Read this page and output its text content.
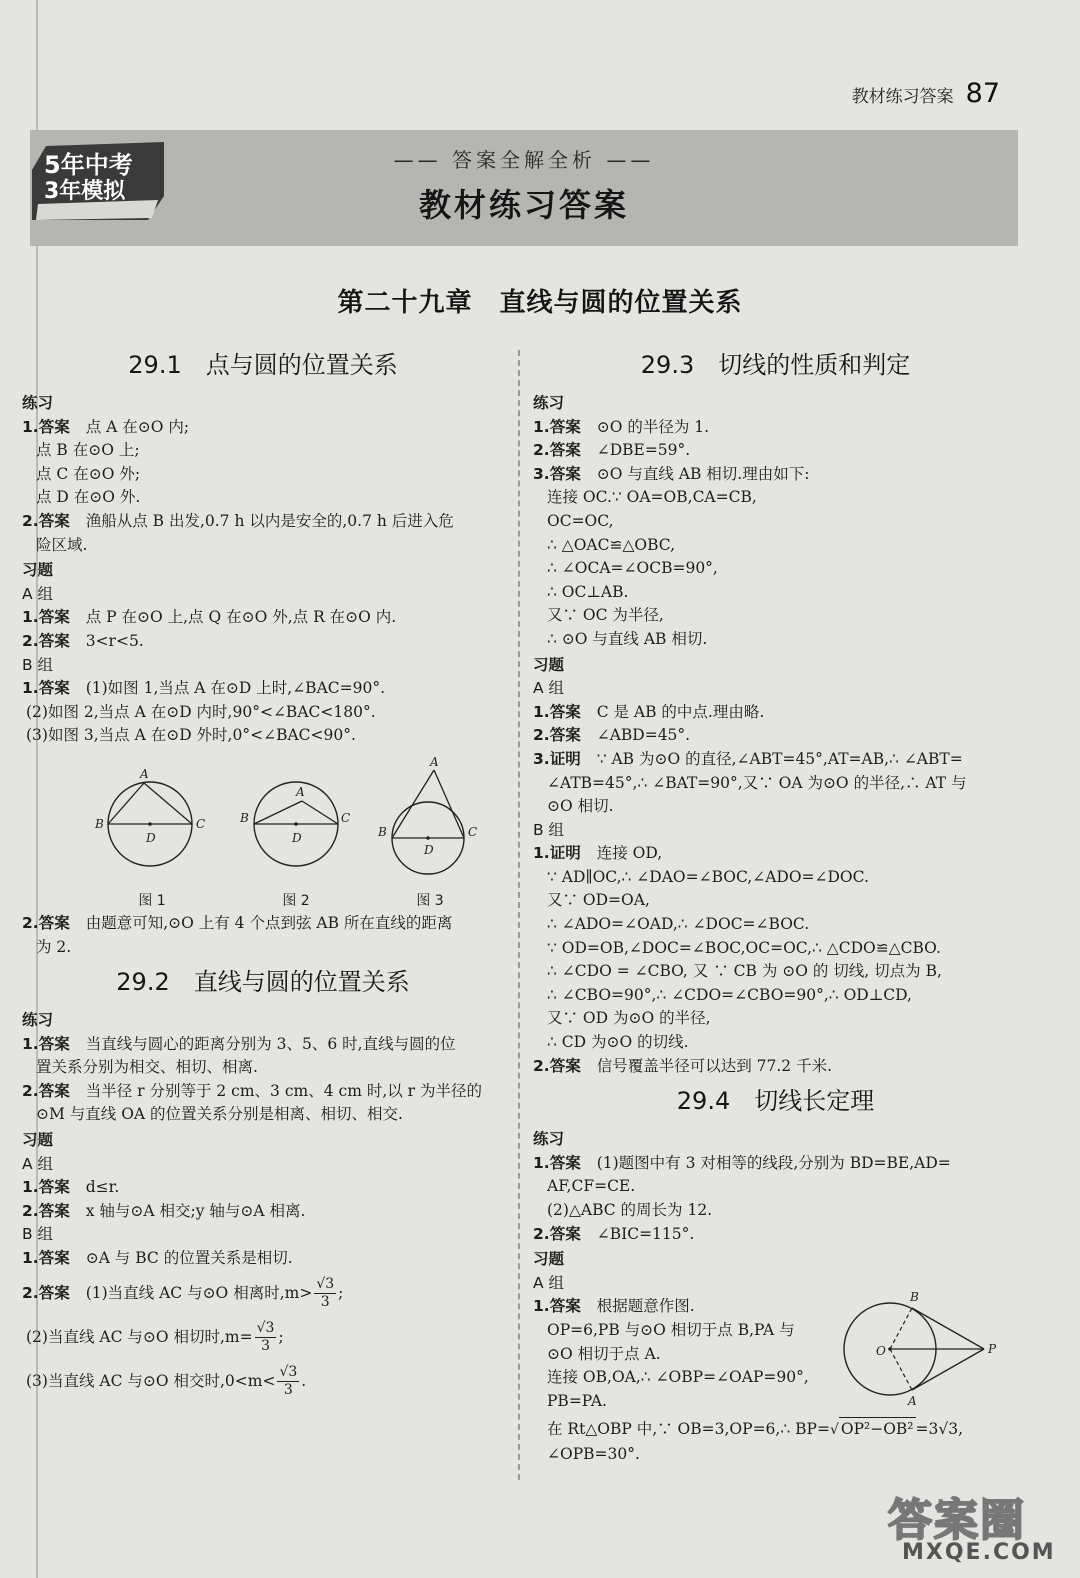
教材练习答案 87
—— 答案全解全析 ——
教材练习答案
5年中考
3年模拟
第二十九章　直线与圆的位置关系
29.1 点与圆的位置关系
练习
1.答案 点 A 在⊙O 内;
点 B 在⊙O 上;
点 C 在⊙O 外;
点 D 在⊙O 外.
2.答案 渔船从点 B 出发,0.7 h 以内是安全的,0.7 h 后进入危
险区域.
习题
A 组
1.答案 点 P 在⊙O 上,点 Q 在⊙O 外,点 R 在⊙O 内.
2.答案 3<r<5.
B 组
1.答案 (1)如图 1,当点 A 在⊙D 上时,∠BAC=90°.
(2)如图 2,当点 A 在⊙D 内时,90°<∠BAC<180°.
(3)如图 3,当点 A 在⊙D 外时,0°<∠BAC<90°.
A
B	C
D
图 1
A
B	C
D
图 2
A
B	C
D
图 3
2.答案 由题意可知,⊙O 上有 4 个点到弦 AB 所在直线的距离
为 2.
29.2 直线与圆的位置关系
练习
1.答案 当直线与圆心的距离分别为 3、5、6 时,直线与圆的位
置关系分别为相交、相切、相离.
2.答案 当半径 r 分别等于 2 cm、3 cm、4 cm 时,以 r 为半径的
⊙M 与直线 OA 的位置关系分别是相离、相切、相交.
习题
A 组
1.答案 d≤r.
2.答案 x 轴与⊙A 相交;y 轴与⊙A 相离.
B 组
1.答案 ⊙A 与 BC 的位置关系是相切.
2.答案 (1)当直线 AC 与⊙O 相离时$,m> \frac{√3}{3}$ ;
(2)当直线 AC 与⊙O 相切时$,m= \frac{√3}{3}$ ;
(3)当直线 AC 与⊙O 相交时$,0<m< \frac{√3}{3}$ .
29.3 切线的性质和判定
练习
1.答案 ⊙O 的半径为 1.
2.答案 ∠DBE=59°.
3.答案 ⊙O 与直线 AB 相切.理由如下:
连接 OC.∵ OA=OB,CA=CB,
OC=OC,
∴ △OAC≌△OBC,
∴ ∠OCA=∠OCB=90°,
∴ OC⊥AB.
又∵ OC 为半径,
∴ ⊙O 与直线 AB 相切.
习题
A 组
1.答案 C 是 AB 的中点.理由略.
2.答案 ∠ABD=45°.
3.证明 ∵ AB 为⊙O 的直径,∠ABT=45°,AT=AB,∴ ∠ABT=
∠ATB=45°,∴ ∠BAT=90°,又∵ OA 为⊙O 的半径,∴ AT 与
⊙O 相切.
B 组
1.证明 连接 OD,
∵ AD∥OC,∴ ∠DAO=∠BOC,∠ADO=∠DOC.
又∵ OD=OA,
∴ ∠ADO=∠OAD,∴ ∠DOC=∠BOC.
∵ OD=OB,∠DOC=∠BOC,OC=OC,∴ △CDO≌△CBO.
∴ ∠CDO = ∠CBO, 又 ∵ CB 为 ⊙O 的 切线, 切点为 B,
∴ ∠CBO=90°,∴ ∠CDO=∠CBO=90°,∴ OD⊥CD,
又∵ OD 为⊙O 的半径,
∴ CD 为⊙O 的切线.
2.答案 信号覆盖半径可以达到 77.2 千米.
29.4 切线长定理
练习
1.答案 (1)题图中有 3 对相等的线段,分别为 BD=BE,AD=
AF,CF=CE.
(2)△ABC 的周长为 12.
2.答案 ∠BIC=115°.
习题
A 组
B
O	P
A
1.答案 根据题意作图.
OP=6,PB 与⊙O 相切于点 B,PA 与
⊙O 相切于点 A.
连接 OB,OA,∴ ∠OBP=∠OAP=90°,
PB=PA.
在 Rt△OBP 中,∵ OB=3,OP=6,∴ BP=√ OP²−OB² =3√3,
∠OPB=30°.
答案圈
MXQE.COM
